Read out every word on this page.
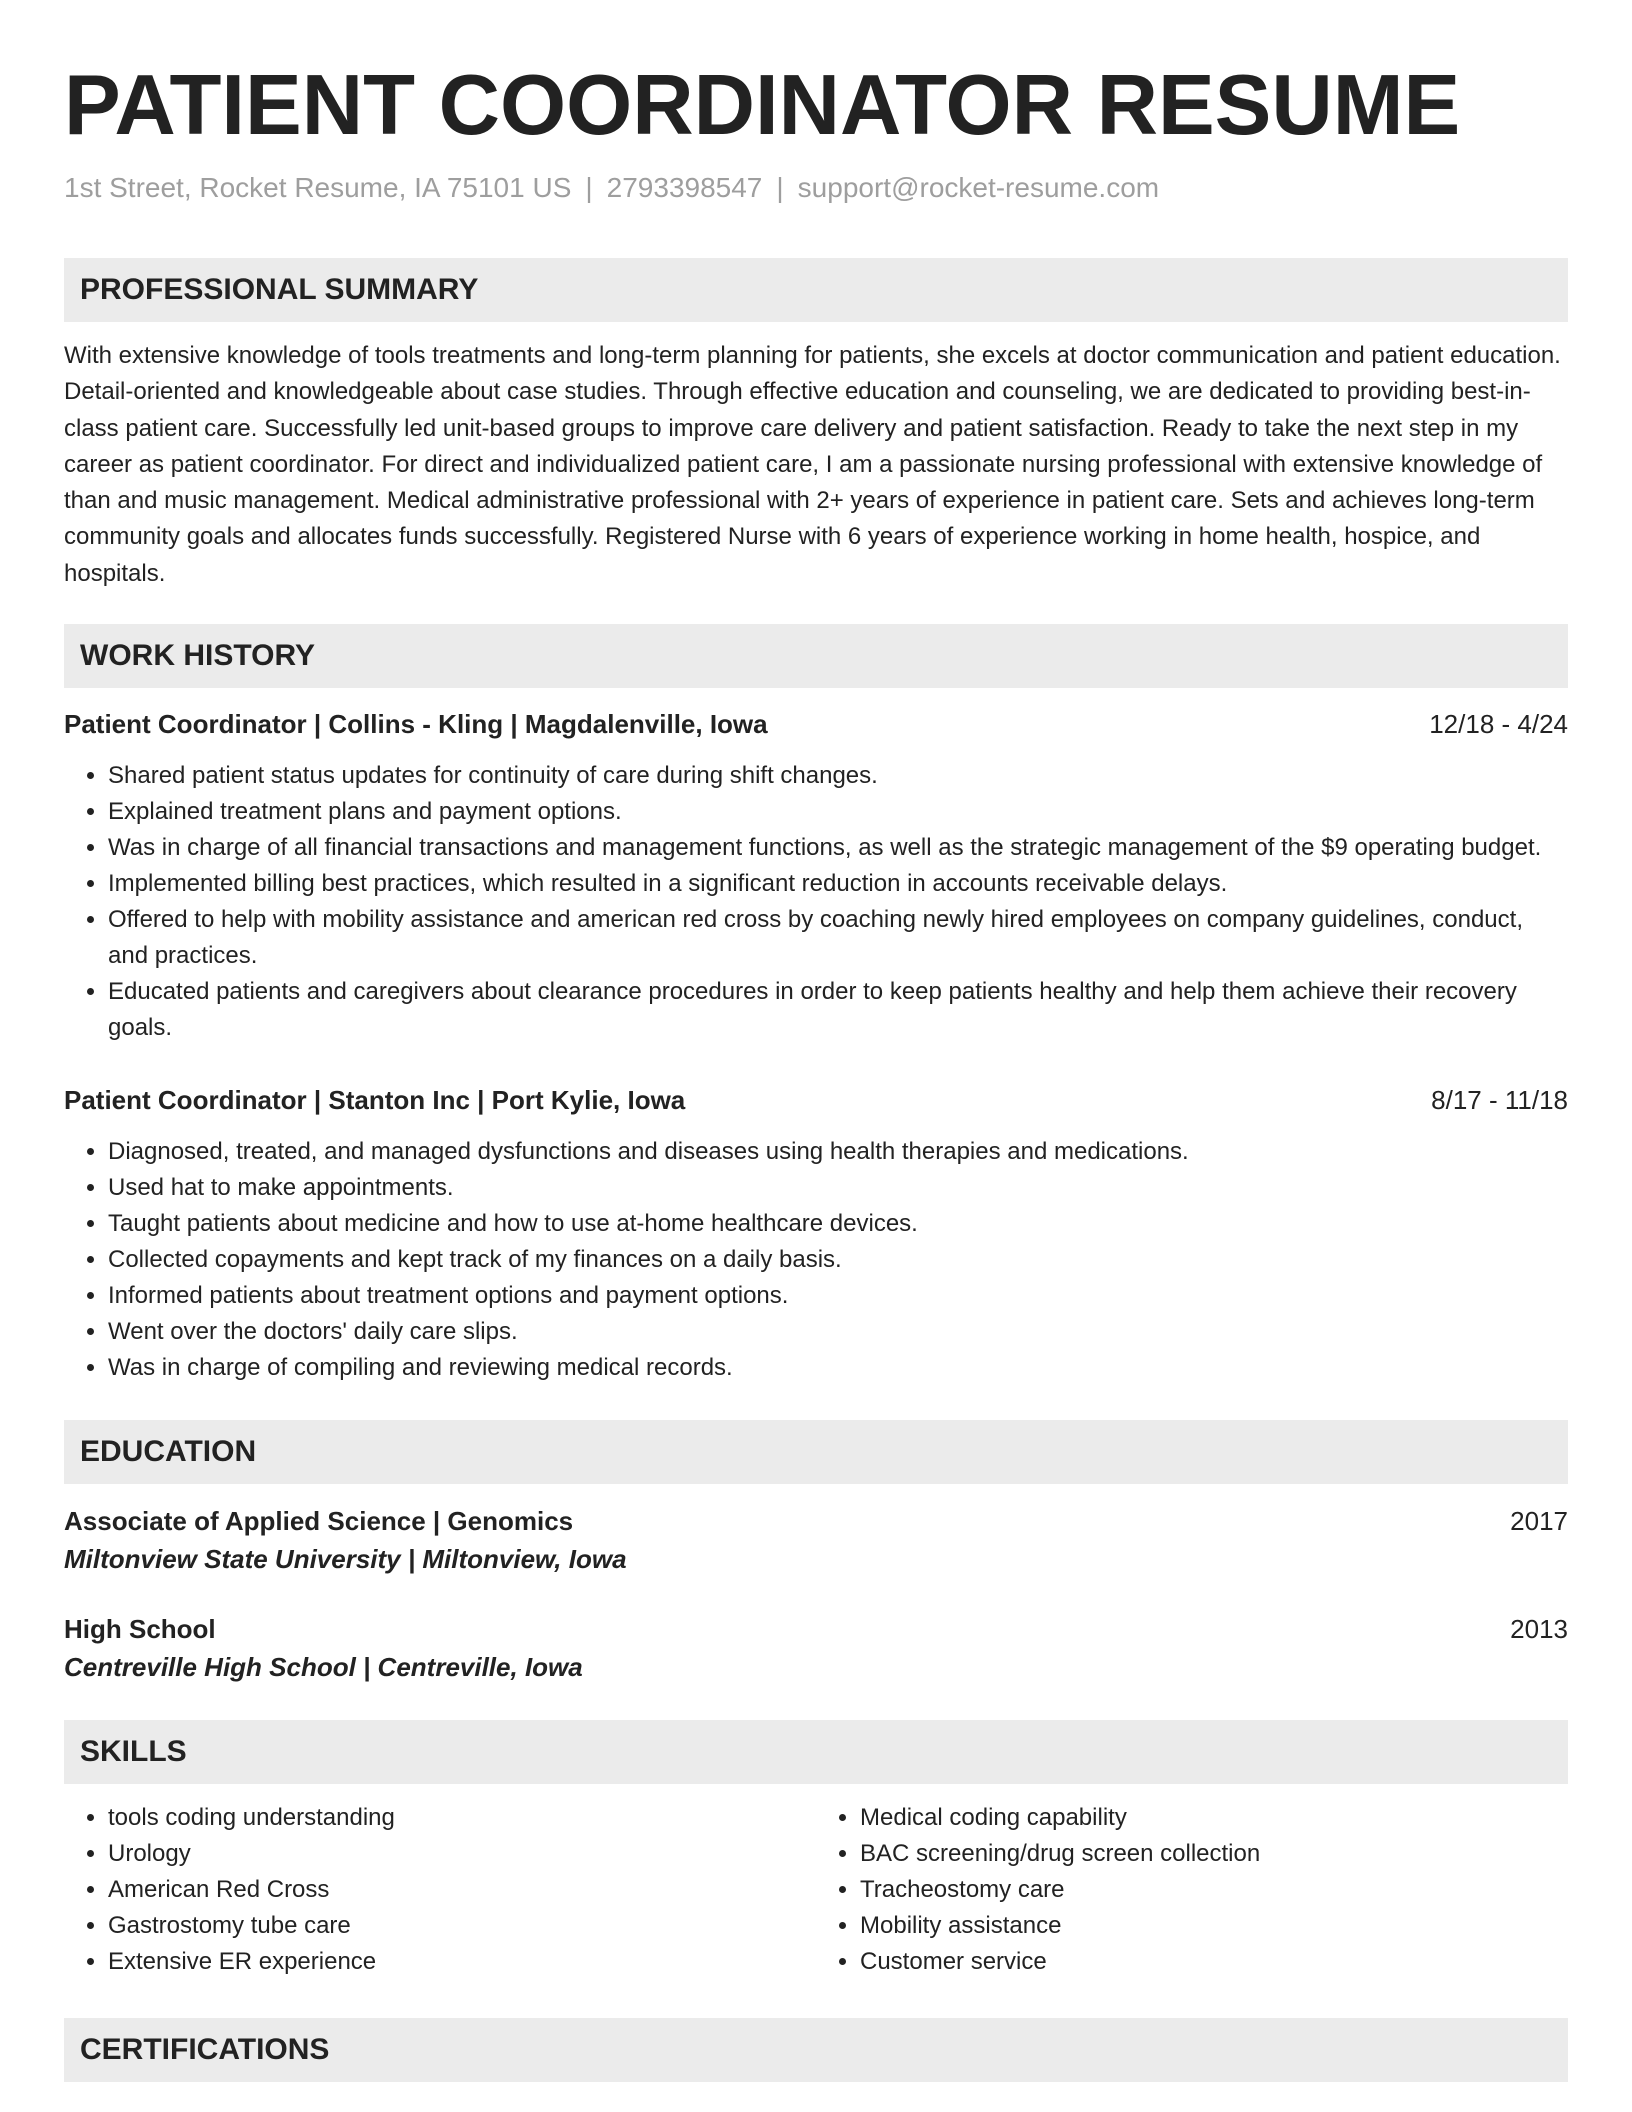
PATIENT COORDINATOR RESUME
1st Street, Rocket Resume, IA 75101 US | 2793398547 | support@rocket-resume.com
PROFESSIONAL SUMMARY

With extensive knowledge of tools treatments and long-term planning for patients, she excels at doctor communication and patient education. Detail-oriented and knowledgeable about case studies. Through effective education and counseling, we are dedicated to providing best-in-class patient care. Successfully led unit-based groups to improve care delivery and patient satisfaction. Ready to take the next step in my career as patient coordinator. For direct and individualized patient care, I am a passionate nursing professional with extensive knowledge of than and music management. Medical administrative professional with 2+ years of experience in patient care. Sets and achieves long-term community goals and allocates funds successfully. Registered Nurse with 6 years of experience working in home health, hospice, and hospitals.

WORK HISTORY
Patient Coordinator | Collins - Kling | Magdalenville, Iowa	12/18 - 4/24
• Shared patient status updates for continuity of care during shift changes.
• Explained treatment plans and payment options.
• Was in charge of all financial transactions and management functions, as well as the strategic management of the $9 operating budget.
• Implemented billing best practices, which resulted in a significant reduction in accounts receivable delays.
• Offered to help with mobility assistance and american red cross by coaching newly hired employees on company guidelines, conduct, and practices.
• Educated patients and caregivers about clearance procedures in order to keep patients healthy and help them achieve their recovery goals.
Patient Coordinator | Stanton Inc | Port Kylie, Iowa	8/17 - 11/18
• Diagnosed, treated, and managed dysfunctions and diseases using health therapies and medications.
• Used hat to make appointments.
• Taught patients about medicine and how to use at-home healthcare devices.
• Collected copayments and kept track of my finances on a daily basis.
• Informed patients about treatment options and payment options.
• Went over the doctors' daily care slips.
• Was in charge of compiling and reviewing medical records.
EDUCATION
Associate of Applied Science | Genomics	2017
Miltonview State University | Miltonview, Iowa
High School	2013
Centreville High School | Centreville, Iowa
SKILLS
• tools coding understanding
• Urology
• American Red Cross
• Gastrostomy tube care
• Extensive ER experience
• Medical coding capability
• BAC screening/drug screen collection
• Tracheostomy care
• Mobility assistance
• Customer service
CERTIFICATIONS
